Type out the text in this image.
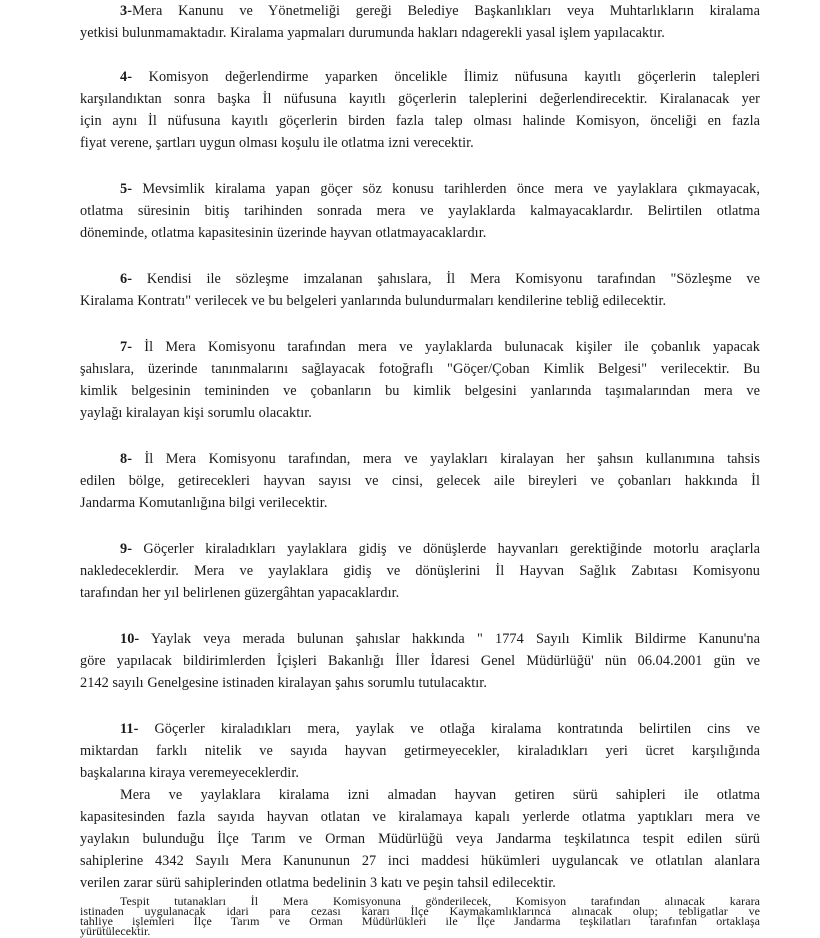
3-Mera Kanunu ve Yönetmeliği gereği Belediye Başkanlıkları veya Muhtarlıkların kiralama
yetkisi bulunmamaktadır. Kiralama yapmaları durumunda hakları ndagerekli yasal işlem yapılacaktır.
4- Komisyon değerlendirme yaparken öncelikle İlimiz nüfusuna kayıtlı göçerlerin talepleri
karşılandıktan sonra başka İl nüfusuna kayıtlı göçerlerin taleplerini değerlendirecektir. Kiralanacak yer
için aynı İl nüfusuna kayıtlı göçerlerin birden fazla talep olması halinde Komisyon, önceliği en fazla
fiyat verene, şartları uygun olması koşulu ile otlatma izni verecektir.
5- Mevsimlik kiralama yapan göçer söz konusu tarihlerden önce mera ve yaylaklara çıkmayacak,
otlatma süresinin bitiş tarihinden sonrada mera ve yaylaklarda kalmayacaklardır. Belirtilen otlatma
döneminde, otlatma kapasitesinin üzerinde hayvan otlatmayacaklardır.
6- Kendisi ile sözleşme imzalanan şahıslara, İl Mera Komisyonu tarafından "Sözleşme ve
Kiralama Kontratı" verilecek ve bu belgeleri yanlarında bulundurmaları kendilerine tebliğ edilecektir.
7- İl Mera Komisyonu tarafından mera ve yaylaklarda bulunacak kişiler ile çobanlık yapacak
şahıslara, üzerinde tanınmalarını sağlayacak fotoğraflı "Göçer/Çoban Kimlik Belgesi" verilecektir. Bu
kimlik belgesinin temininden ve çobanların bu kimlik belgesini yanlarında taşımalarından mera ve
yaylağı kiralayan kişi sorumlu olacaktır.
8- İl Mera Komisyonu tarafından, mera ve yaylakları kiralayan her şahsın kullanımına tahsis
edilen bölge, getirecekleri hayvan sayısı ve cinsi, gelecek aile bireyleri ve çobanları hakkında İl
Jandarma Komutanlığına bilgi verilecektir.
9- Göçerler kiraladıkları yaylaklara gidiş ve dönüşlerde hayvanları gerektiğinde motorlu araçlarla
nakledeceklerdir. Mera ve yaylaklara gidiş ve dönüşlerini İl Hayvan Sağlık Zabıtası Komisyonu
tarafından her yıl belirlenen güzergâhtan yapacaklardır.
10- Yaylak veya merada bulunan şahıslar hakkında " 1774 Sayılı Kimlik Bildirme Kanunu'na
göre yapılacak bildirimlerden İçişleri Bakanlığı İller İdaresi Genel Müdürlüğü' nün 06.04.2001 gün ve
2142 sayılı Genelgesine istinaden kiralayan şahıs sorumlu tutulacaktır.
11- Göçerler kiraladıkları mera, yaylak ve otlağa kiralama kontratında belirtilen cins ve
miktardan farklı nitelik ve sayıda hayvan getirmeyecekler, kiraladıkları yeri ücret karşılığında
başkalarına kiraya veremeyeceklerdir.
Mera ve yaylaklara kiralama izni almadan hayvan getiren sürü sahipleri ile otlatma
kapasitesinden fazla sayıda hayvan otlatan ve kiralamaya kapalı yerlerde otlatma yaptıkları mera ve
yaylakın bulunduğu İlçe Tarım ve Orman Müdürlüğü veya Jandarma teşkilatınca tespit edilen sürü
sahiplerine 4342 Sayılı Mera Kanununun 27 inci maddesi hükümleri uygulancak ve otlatılan alanlara
verilen zarar sürü sahiplerinden otlatma bedelinin 3 katı ve peşin tahsil edilecektir.
Tespit tutanakları İl Mera Komisyonuna gönderilecek, Komisyon tarafından alınacak karara
istinaden uygulanacak idari para cezası kararı İlçe Kaymakamlıklarınca alınacak olup; tebligatlar ve
tahliye işlemleri İlçe Tarım ve Orman Müdürlükleri ile İlçe Jandarma teşkilatları tarafınfan ortaklaşa
yürütülecektir.
